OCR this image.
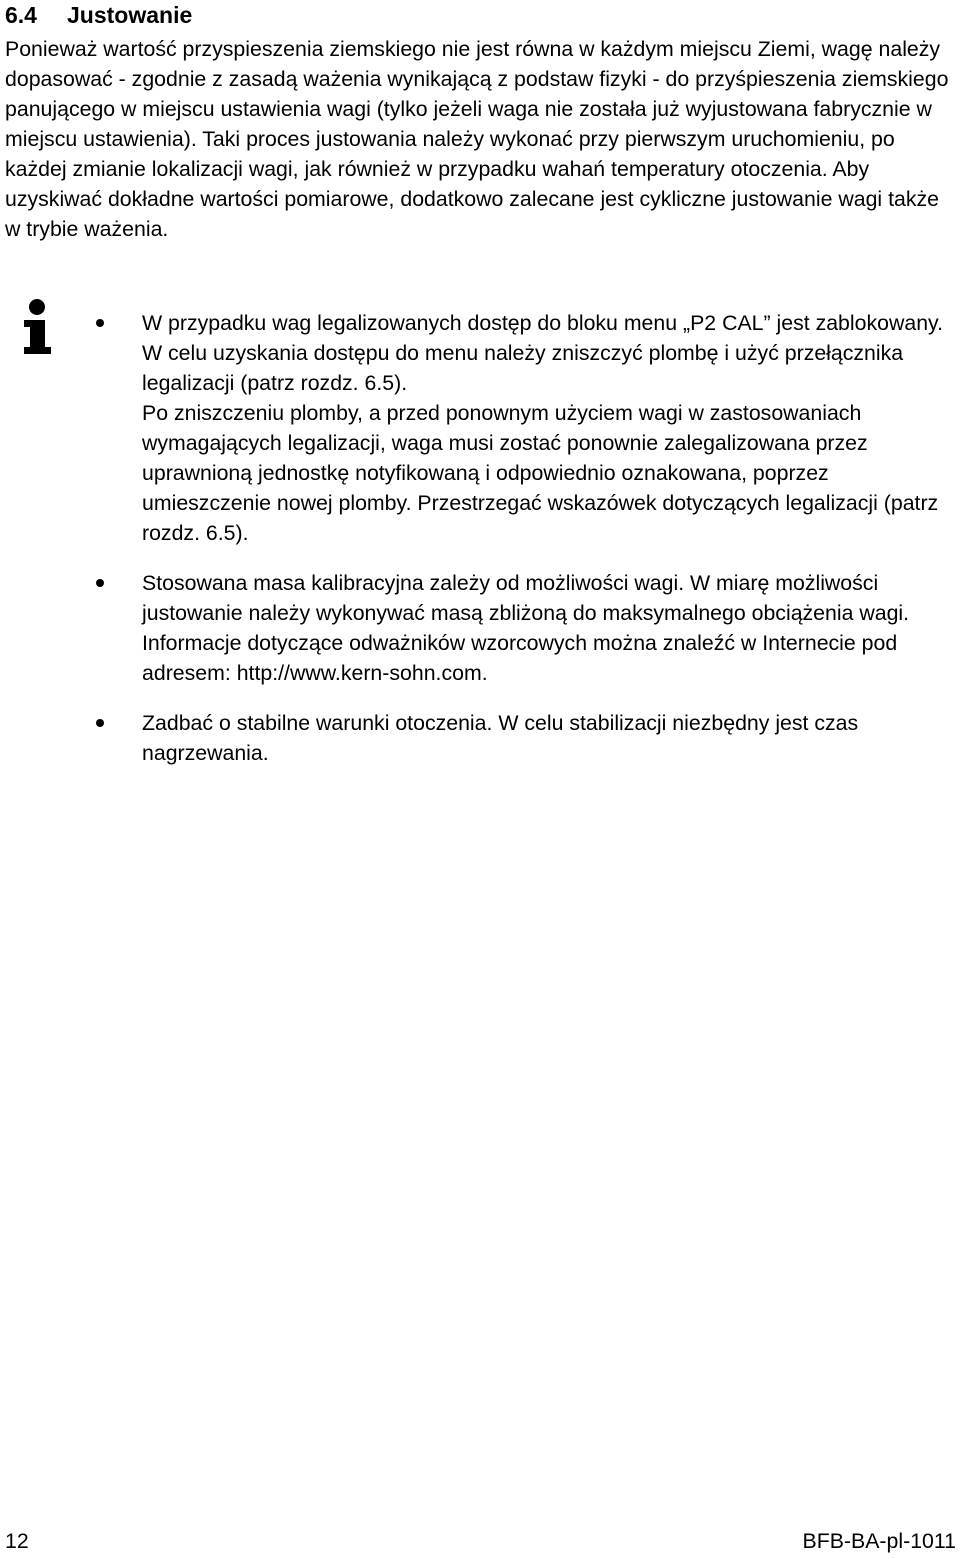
6.4 Justowanie

Ponieważ wartość przyspieszenia ziemskiego nie jest równa w każdym miejscu Ziemi, wagę należy dopasować - zgodnie z zasadą ważenia wynikającą z podstaw fizyki - do przyśpieszenia ziemskiego panującego w miejscu ustawienia wagi (tylko jeżeli waga nie została już wyjustowana fabrycznie w miejscu ustawienia). Taki proces justowania należy wykonać przy pierwszym uruchomieniu, po każdej zmianie lokalizacji wagi, jak również w przypadku wahań temperatury otoczenia. Aby uzyskiwać dokładne wartości pomiarowe, dodatkowo zalecane jest cykliczne justowanie wagi także w trybie ważenia.

W przypadku wag legalizowanych dostęp do bloku menu „P2 CAL” jest zablokowany. W celu uzyskania dostępu do menu należy zniszczyć plombę i użyć przełącznika legalizacji (patrz rozdz. 6.5).

Po zniszczeniu plomby, a przed ponownym użyciem wagi w zastosowaniach wymagających legalizacji, waga musi zostać ponownie zalegalizowana przez uprawnioną jednostkę notyfikowaną i odpowiednio oznakowana, poprzez umieszczenie nowej plomby. Przestrzegać wskazówek dotyczących legalizacji (patrz rozdz. 6.5).

Stosowana masa kalibracyjna zależy od możliwości wagi. W miarę możliwości justowanie należy wykonywać masą zbliżoną do maksymalnego obciążenia wagi. Informacje dotyczące odważników wzorcowych można znaleźć w Internecie pod adresem: http://www.kern-sohn.com.

Zadbać o stabilne warunki otoczenia. W celu stabilizacji niezbędny jest czas nagrzewania.

12	BFB-BA-pl-1011
